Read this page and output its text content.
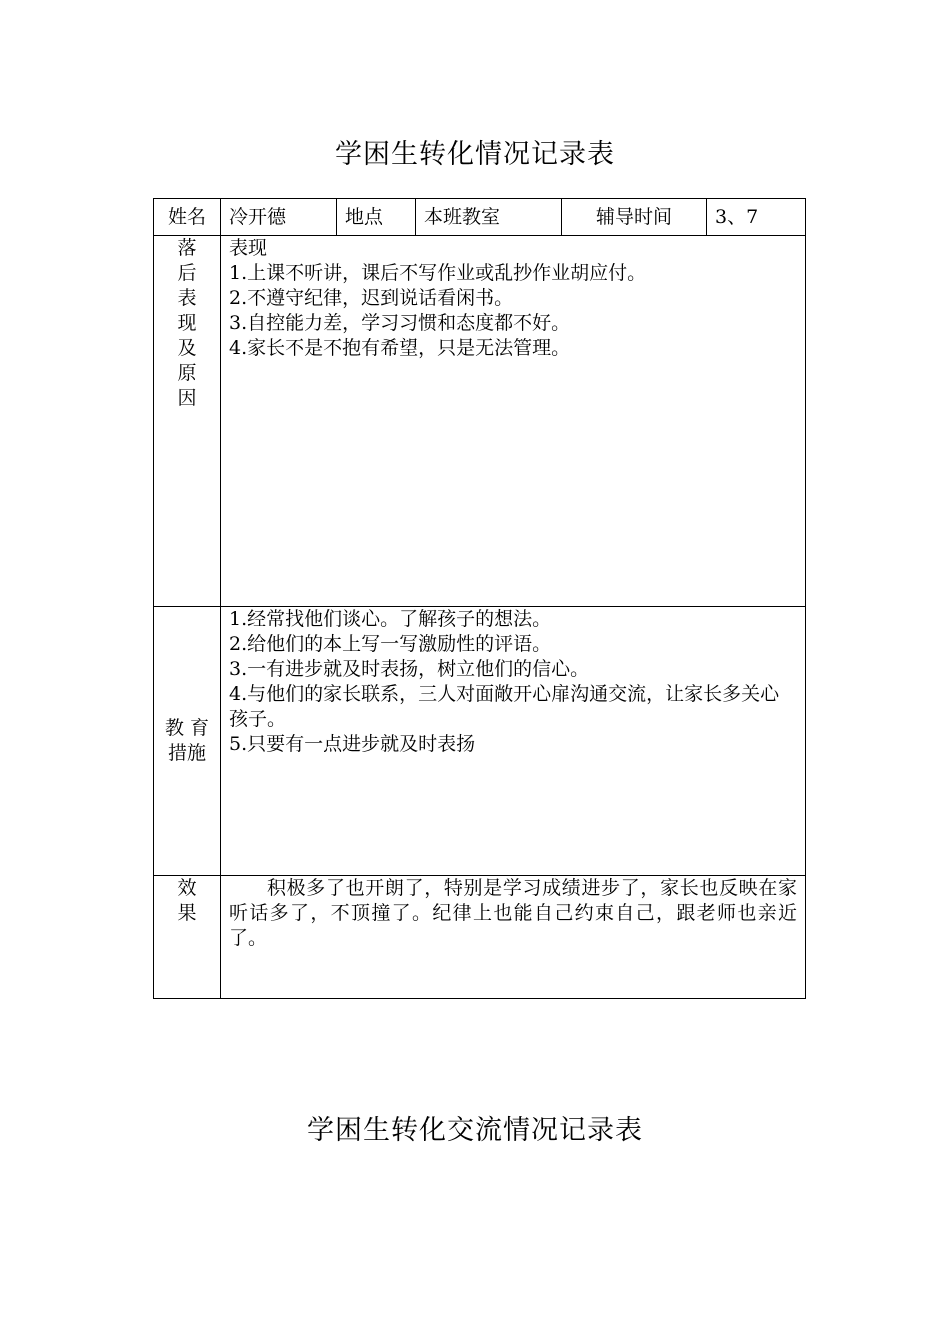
学困生转化情况记录表
姓名	冷开德	地点	本班教室	辅导时间	3、7

落后表现及原因	表现
1.上课不听讲，课后不写作业或乱抄作业胡应付。
2.不遵守纪律，迟到说话看闲书。
3.自控能力差，学习习惯和态度都不好。
4.家长不是不抱有希望，只是无法管理。				

教 育
措施	1.经常找他们谈心。了解孩子的想法。
2.给他们的本上写一写激励性的评语。
3.一有进步就及时表扬，树立他们的信心。
4.与他们的家长联系，三人对面敞开心扉沟通交流，让家长多关心孩子。
5.只要有一点进步就及时表扬				

效
果	积极多了也开朗了，特别是学习成绩进步了，家长也反映在家听话多了，不顶撞了。纪律上也能自己约束自己，跟老师也亲近了。				
学困生转化交流情况记录表
